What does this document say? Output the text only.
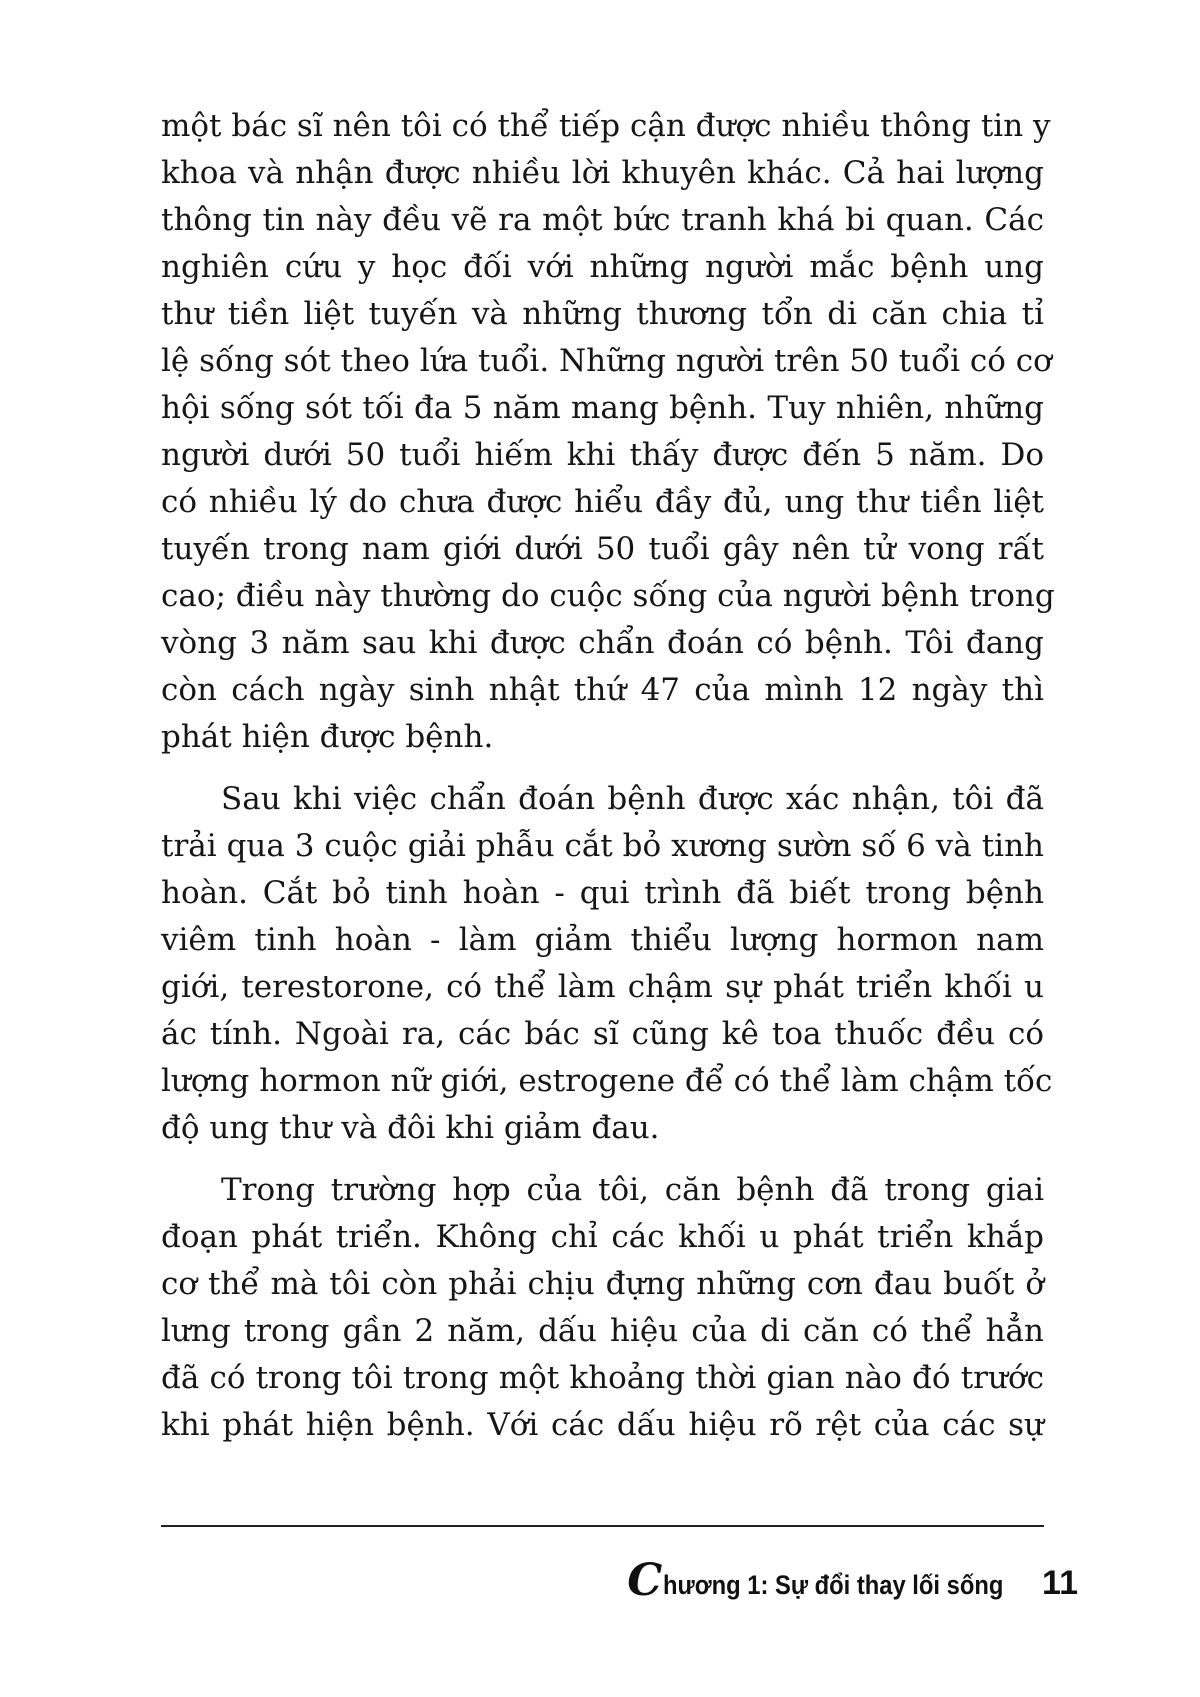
một bác sĩ nên tôi có thể tiếp cận được nhiều thông tin y
khoa và nhận được nhiều lời khuyên khác. Cả hai lượng
thông tin này đều vẽ ra một bức tranh khá bi quan. Các
nghiên cứu y học đối với những người mắc bệnh ung
thư tiền liệt tuyến và những thương tổn di căn chia tỉ
lệ sống sót theo lứa tuổi. Những người trên 50 tuổi có cơ
hội sống sót tối đa 5 năm mang bệnh. Tuy nhiên, những
người dưới 50 tuổi hiếm khi thấy được đến 5 năm. Do
có nhiều lý do chưa được hiểu đầy đủ, ung thư tiền liệt
tuyến trong nam giới dưới 50 tuổi gây nên tử vong rất
cao; điều này thường do cuộc sống của người bệnh trong
vòng 3 năm sau khi được chẩn đoán có bệnh. Tôi đang
còn cách ngày sinh nhật thứ 47 của mình 12 ngày thì
phát hiện được bệnh.

Sau khi việc chẩn đoán bệnh được xác nhận, tôi đã
trải qua 3 cuộc giải phẫu cắt bỏ xương sườn số 6 và tinh
hoàn. Cắt bỏ tinh hoàn - qui trình đã biết trong bệnh
viêm tinh hoàn - làm giảm thiểu lượng hormon nam
giới, terestorone, có thể làm chậm sự phát triển khối u
ác tính. Ngoài ra, các bác sĩ cũng kê toa thuốc đều có
lượng hormon nữ giới, estrogene để có thể làm chậm tốc
độ ung thư và đôi khi giảm đau.

Trong trường hợp của tôi, căn bệnh đã trong giai
đoạn phát triển. Không chỉ các khối u phát triển khắp
cơ thể mà tôi còn phải chịu đựng những cơn đau buốt ở
lưng trong gần 2 năm, dấu hiệu của di căn có thể hẳn
đã có trong tôi trong một khoảng thời gian nào đó trước
khi phát hiện bệnh. Với các dấu hiệu rõ rệt của các sự

C hương 1: Sự đổi thay lối sống 11
